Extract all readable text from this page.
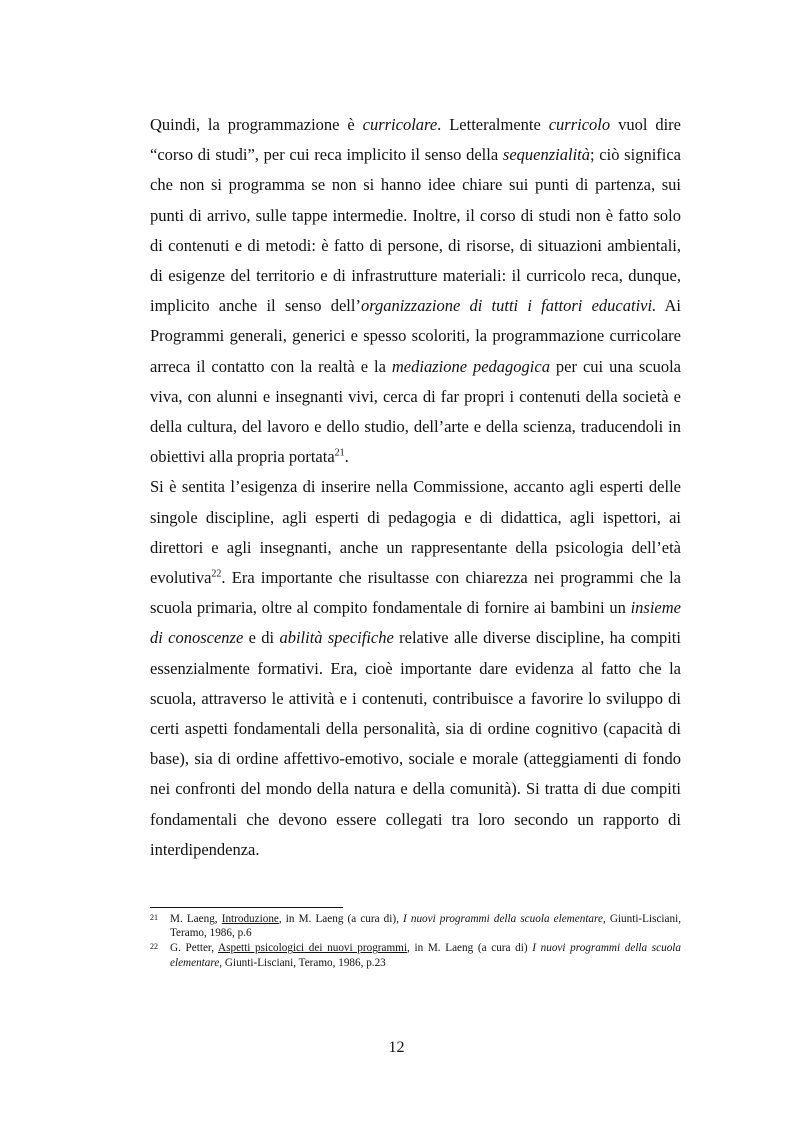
Quindi, la programmazione è curricolare. Letteralmente curricolo vuol dire “corso di studi”, per cui reca implicito il senso della sequenzialità; ciò significa che non si programma se non si hanno idee chiare sui punti di partenza, sui punti di arrivo, sulle tappe intermedie. Inoltre, il corso di studi non è fatto solo di contenuti e di metodi: è fatto di persone, di risorse, di situazioni ambientali, di esigenze del territorio e di infrastrutture materiali: il curricolo reca, dunque, implicito anche il senso dell’organizzazione di tutti i fattori educativi. Ai Programmi generali, generici e spesso scoloriti, la programmazione curricolare arreca il contatto con la realtà e la mediazione pedagogica per cui una scuola viva, con alunni e insegnanti vivi, cerca di far propri i contenuti della società e della cultura, del lavoro e dello studio, dell’arte e della scienza, traducendoli in obiettivi alla propria portata$^{21}$.

Si è sentita l’esigenza di inserire nella Commissione, accanto agli esperti delle singole discipline, agli esperti di pedagogia e di didattica, agli ispettori, ai direttori e agli insegnanti, anche un rappresentante della psicologia dell’età evolutiva$^{22}$. Era importante che risultasse con chiarezza nei programmi che la scuola primaria, oltre al compito fondamentale di fornire ai bambini un insieme di conoscenze e di abilità specifiche relative alle diverse discipline, ha compiti essenzialmente formativi. Era, cioè importante dare evidenza al fatto che la scuola, attraverso le attività e i contenuti, contribuisce a favorire lo sviluppo di certi aspetti fondamentali della personalità, sia di ordine cognitivo (capacità di base), sia di ordine affettivo-emotivo, sociale e morale (atteggiamenti di fondo nei confronti del mondo della natura e della comunità). Si tratta di due compiti fondamentali che devono essere collegati tra loro secondo un rapporto di interdipendenza.

21	M. Laeng, Introduzione, in M. Laeng (a cura di), I nuovi programmi della scuola elementare, Giunti-Lisciani, Teramo, 1986, p.6
22	G. Petter, Aspetti psicologici dei nuovi programmi, in M. Laeng (a cura di) I nuovi programmi della scuola elementare, Giunti-Lisciani, Teramo, 1986, p.23
12
